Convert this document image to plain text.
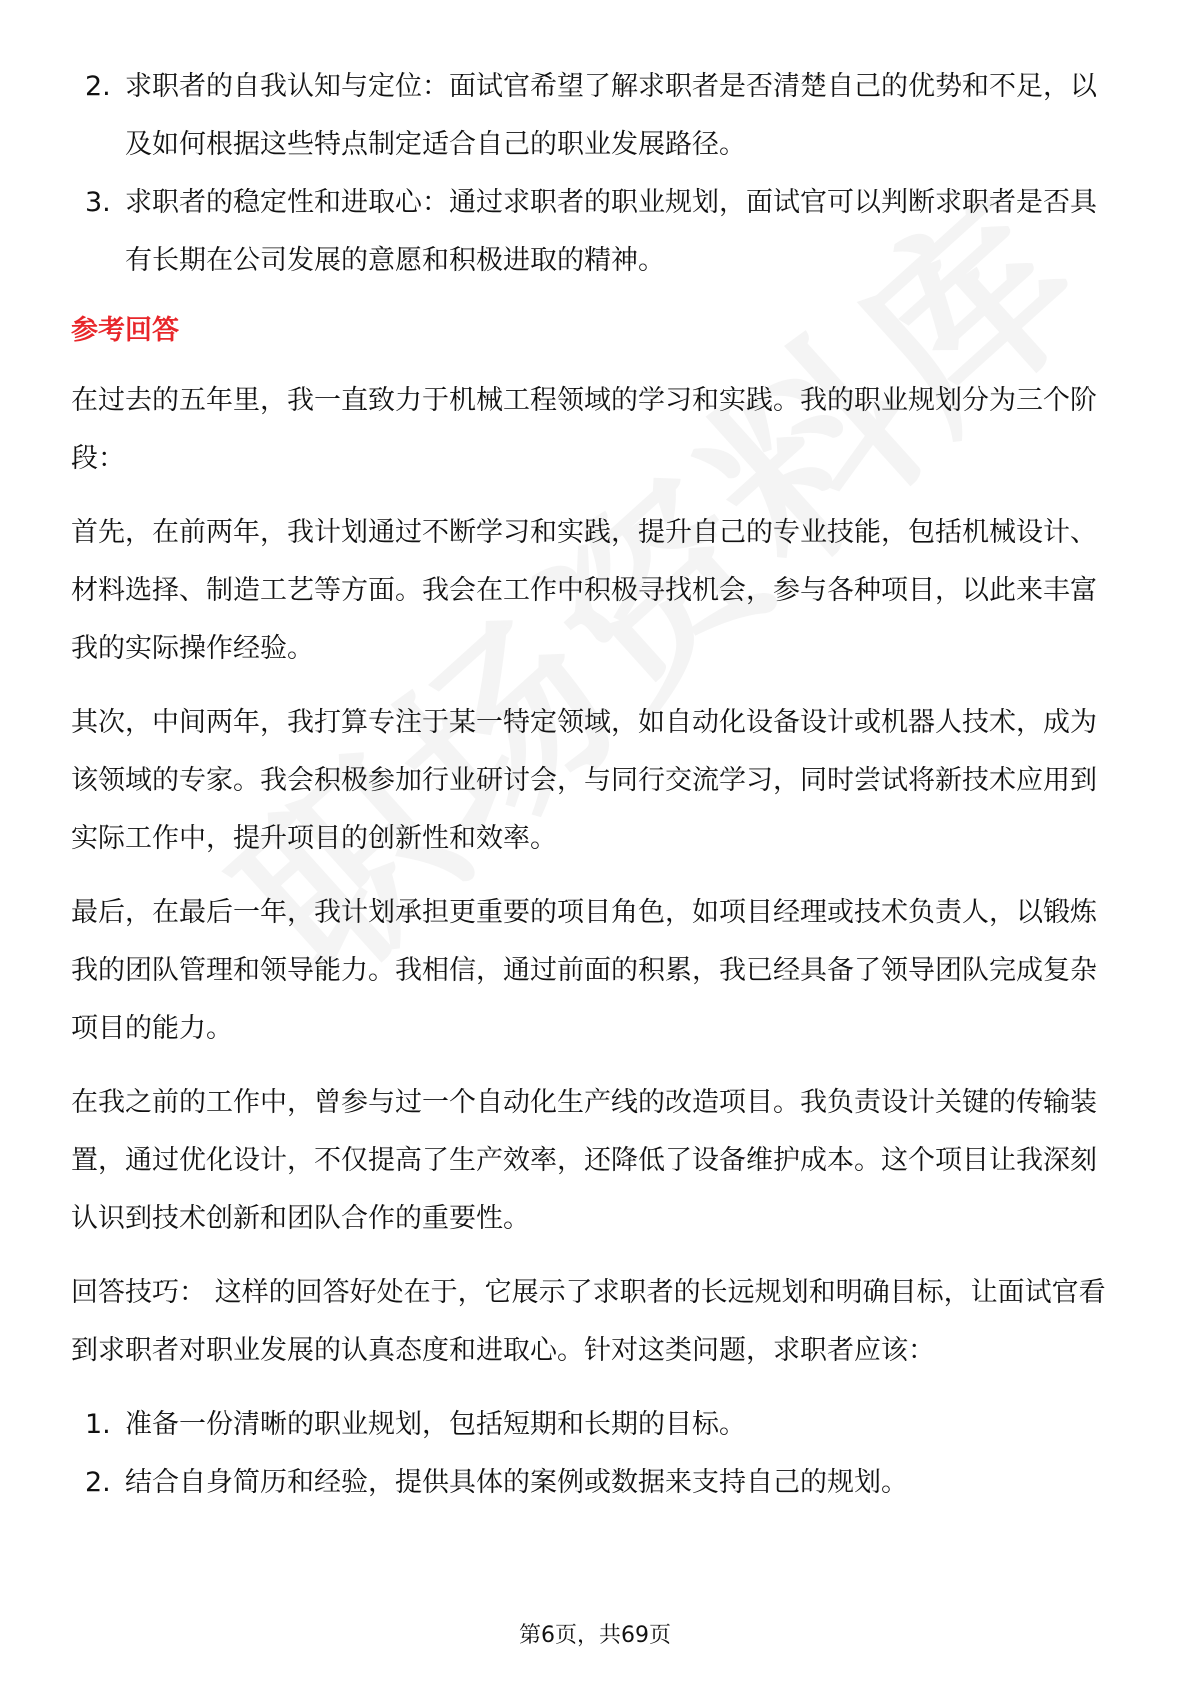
2. 求职者的自我认知与定位：面试官希望了解求职者是否清楚自己的优势和不足，以及如何根据这些特点制定适合自己的职业发展路径。
3. 求职者的稳定性和进取心：通过求职者的职业规划，面试官可以判断求职者是否具有长期在公司发展的意愿和积极进取的精神。
参考回答

在过去的五年里，我一直致力于机械工程领域的学习和实践。我的职业规划分为三个阶段：

首先，在前两年，我计划通过不断学习和实践，提升自己的专业技能，包括机械设计、材料选择、制造工艺等方面。我会在工作中积极寻找机会，参与各种项目，以此来丰富我的实际操作经验。

其次，中间两年，我打算专注于某一特定领域，如自动化设备设计或机器人技术，成为该领域的专家。我会积极参加行业研讨会，与同行交流学习，同时尝试将新技术应用到实际工作中，提升项目的创新性和效率。

最后，在最后一年，我计划承担更重要的项目角色，如项目经理或技术负责人，以锻炼我的团队管理和领导能力。我相信，通过前面的积累，我已经具备了领导团队完成复杂项目的能力。

在我之前的工作中，曾参与过一个自动化生产线的改造项目。我负责设计关键的传输装置，通过优化设计，不仅提高了生产效率，还降低了设备维护成本。这个项目让我深刻认识到技术创新和团队合作的重要性。

回答技巧： 这样的回答好处在于，它展示了求职者的长远规划和明确目标，让面试官看到求职者对职业发展的认真态度和进取心。针对这类问题，求职者应该：

1. 准备一份清晰的职业规划，包括短期和长期的目标。
2. 结合自身简历和经验，提供具体的案例或数据来支持自己的规划。
第6页，共69页
